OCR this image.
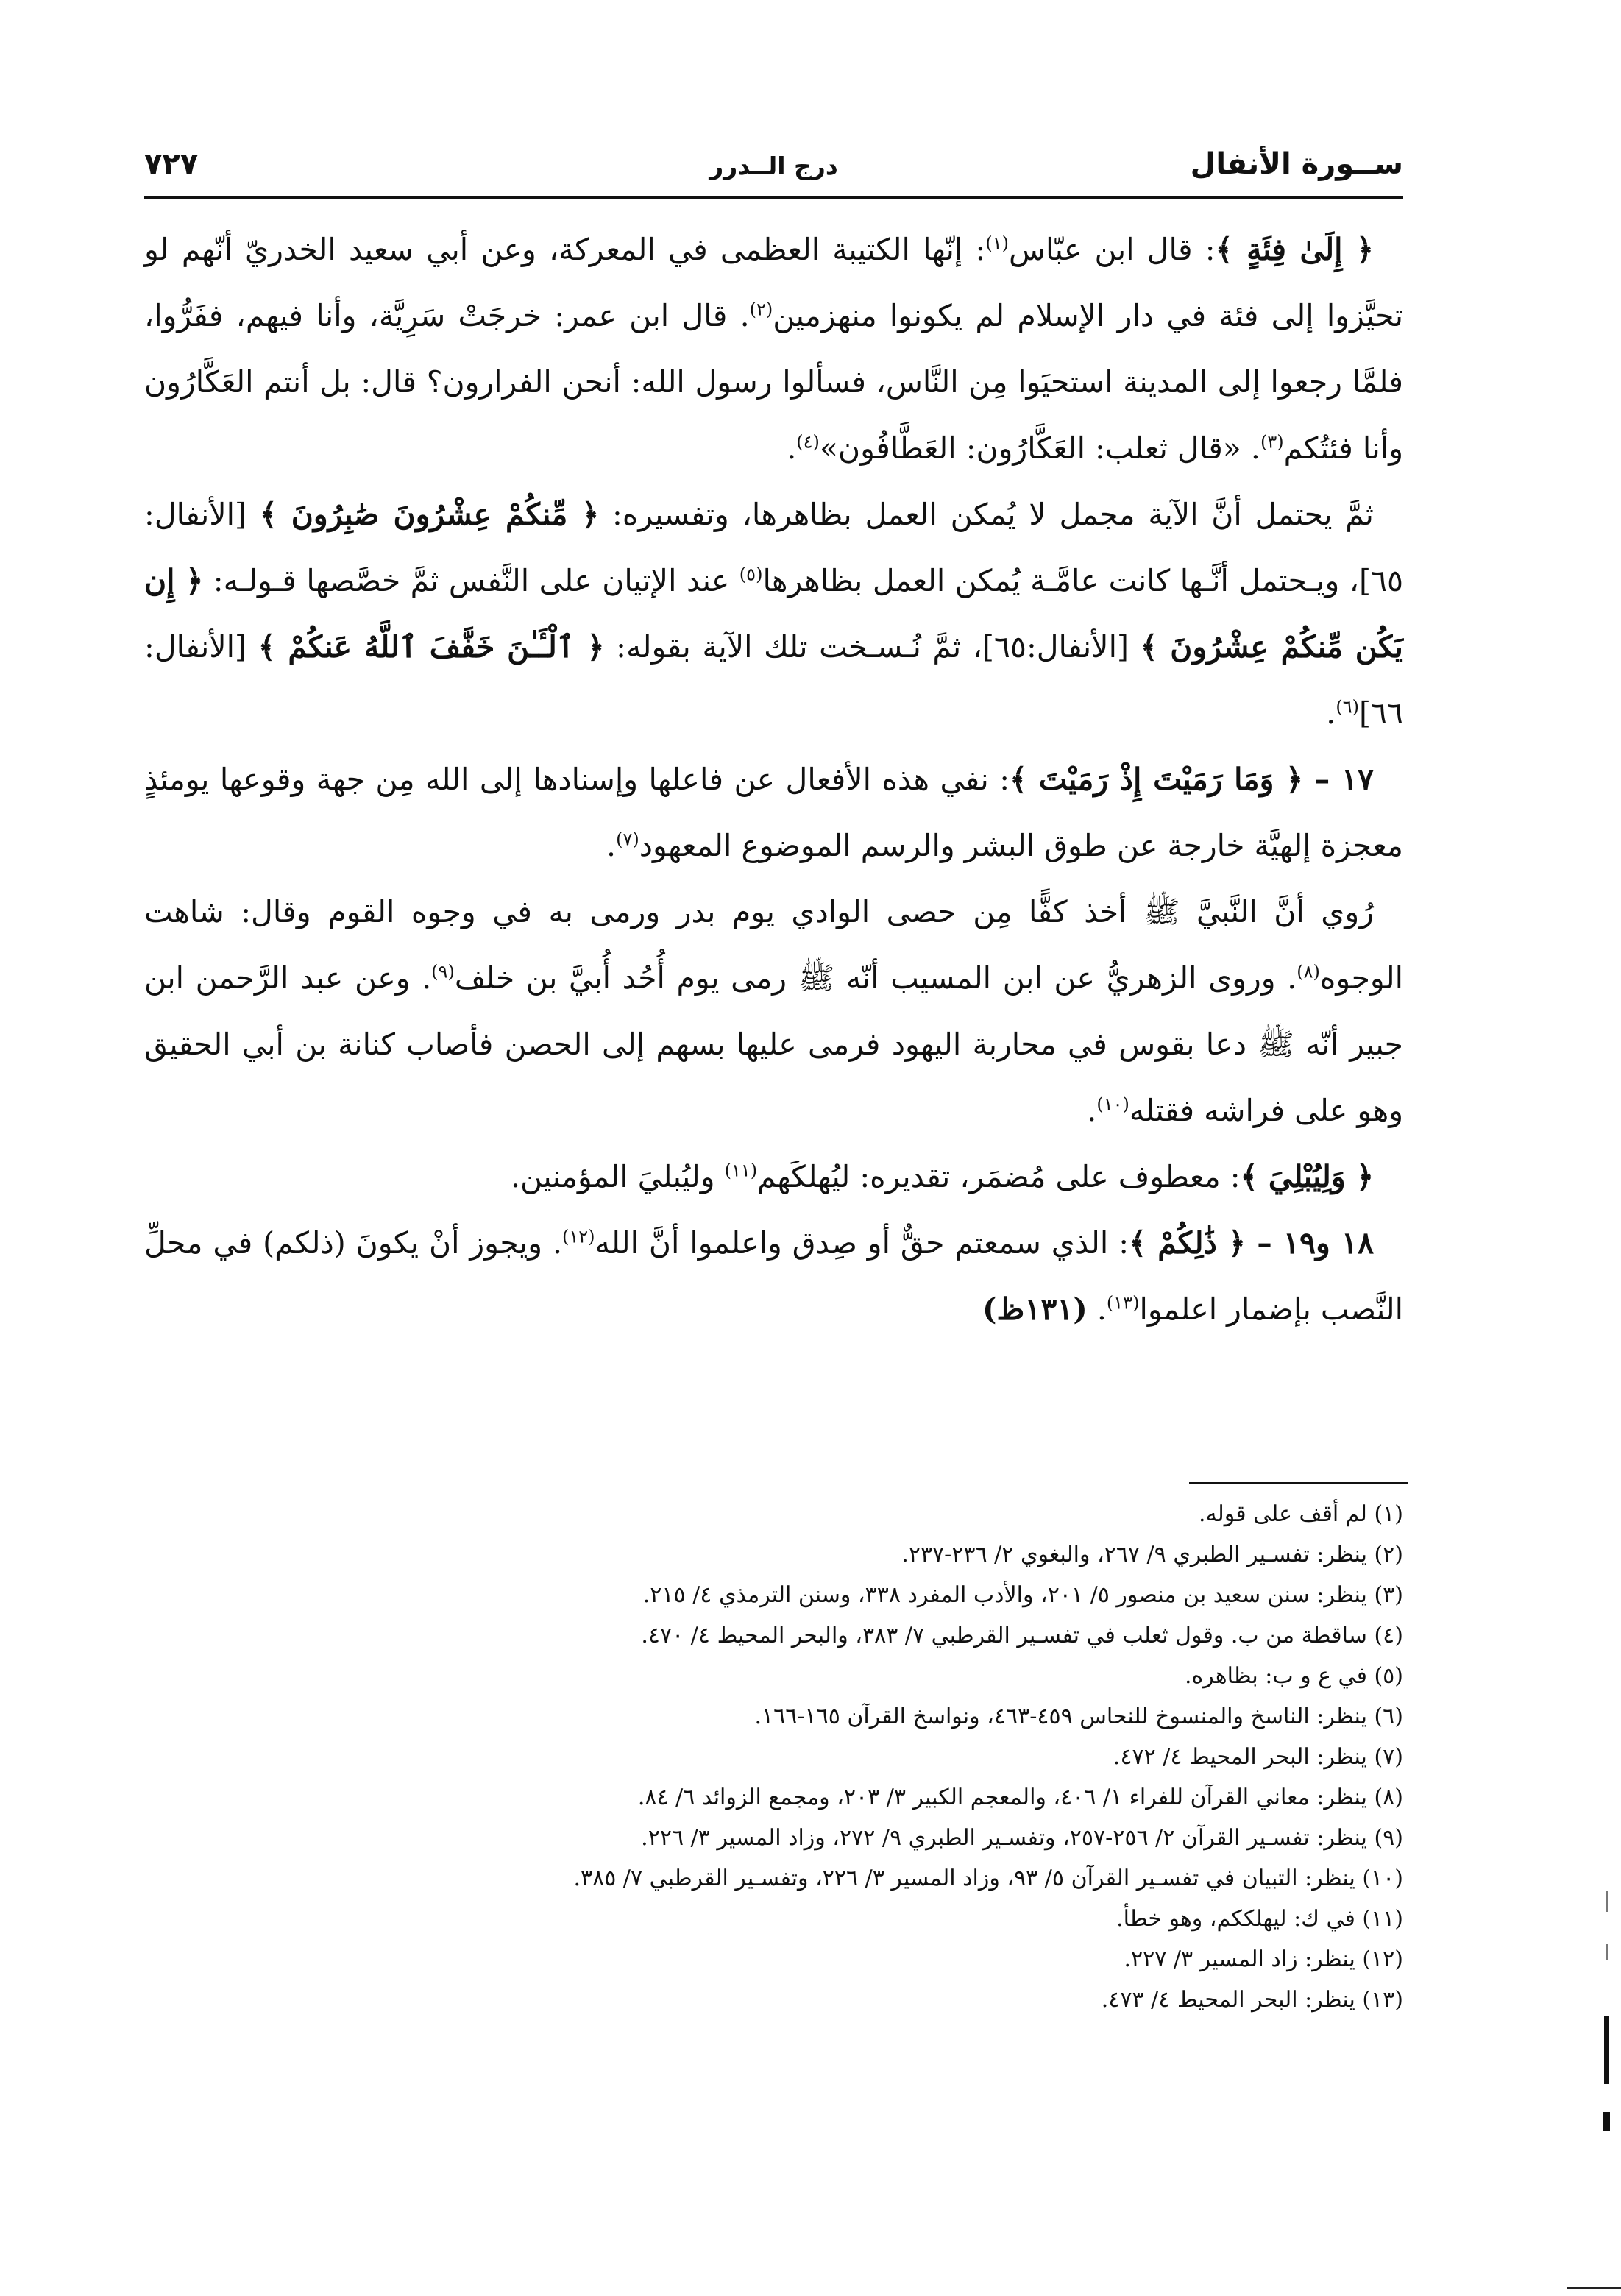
٧٢٧	درج الــدرر	ســورة الأنفال

﴿ إِلَىٰ فِئَةٍ ﴾: قال ابن عبّاس$^{(١)}$: إنّها الكتيبة العظمى في المعركة، وعن أبي سعيد الخدريّ أنّهم لو تحيَّزوا إلى فئة في دار الإسلام لم يكونوا منهزمين$^{(٢)}$. قال ابن عمر: خرجَتْ سَرِيَّة، وأنا فيهم، ففَرُّوا، فلمَّا رجعوا إلى المدينة استحيَوا مِن النَّاس، فسألوا رسول الله: أنحن الفرارون؟ قال: بل أنتم العَكَّارُون وأنا فئتُكم$^{(٣)}$. «قال ثعلب: العَكَّارُون: العَطَّافُون»$^{(٤)}$.

ثمَّ يحتمل أنَّ الآية مجمل لا يُمكن العمل بظاهرها، وتفسيره: ﴿ مِّنكُمْ عِشْرُونَ صَٰبِرُونَ ﴾ [الأنفال: ٦٥]، ويـحتمل أنَّـها كانت عامَّـة يُمكن العمل بظاهرها$^{(٥)}$ عند الإتيان على النَّفس ثمَّ خصَّصها قـولـه: ﴿ إِن يَكُن مِّنكُمْ عِشْرُونَ ﴾ [الأنفال:٦٥]، ثمَّ نُـسـخت تلك الآية بقوله: ﴿ ٱلْـَٔـٰنَ خَفَّفَ ٱللَّهُ عَنكُمْ ﴾ [الأنفال: ٦٦]$^{(٦)}$.

١٧ – ﴿ وَمَا رَمَيْتَ إِذْ رَمَيْتَ ﴾: نفي هذه الأفعال عن فاعلها وإسنادها إلى الله مِن جهة وقوعها يومئذٍ معجزة إلهيَّة خارجة عن طوق البشر والرسم الموضوع المعهود$^{(٧)}$.

رُوي أنَّ النَّبيَّ ﷺ أخذ كفًّا مِن حصى الوادي يوم بدر ورمى به في وجوه القوم وقال: شاهت الوجوه$^{(٨)}$. وروى الزهريُّ عن ابن المسيب أنّه ﷺ رمى يوم أُحُد أُبيَّ بن خلف$^{(٩)}$. وعن عبد الرَّحمن ابن جبير أنّه ﷺ دعا بقوس في محاربة اليهود فرمى عليها بسهم إلى الحصن فأصاب كنانة بن أبي الحقيق وهو على فراشه فقتله$^{(١٠)}$.

﴿ وَلِيُبْلِيَ ﴾: معطوف على مُضمَر، تقديره: ليُهلكَهم$^{(١١)}$ وليُبليَ المؤمنين.

١٨ و١٩ – ﴿ ذَٰلِكُمْ ﴾: الذي سمعتم حقٌّ أو صِدق واعلموا أنَّ الله$^{(١٢)}$. ويجوز أنْ يكونَ (ذلكم) في محلِّ النَّصب بإضمار اعلموا$^{(١٣)}$. (١٣١ظ)

(١) لم أقف على قوله.
(٢) ينظر: تفسـير الطبري ٩/ ٢٦٧، والبغوي ٢/ ٢٣٦-٢٣٧.
(٣) ينظر: سنن سعيد بن منصور ٥/ ٢٠١، والأدب المفرد ٣٣٨، وسنن الترمذي ٤/ ٢١٥.
(٤) ساقطة من ب. وقول ثعلب في تفسـير القرطبي ٧/ ٣٨٣، والبحر المحيط ٤/ ٤٧٠.
(٥) في ع و ب: بظاهره.
(٦) ينظر: الناسخ والمنسوخ للنحاس ٤٥٩-٤٦٣، ونواسخ القرآن ١٦٥-١٦٦.
(٧) ينظر: البحر المحيط ٤/ ٤٧٢.
(٨) ينظر: معاني القرآن للفراء ١/ ٤٠٦، والمعجم الكبير ٣/ ٢٠٣، ومجمع الزوائد ٦/ ٨٤.
(٩) ينظر: تفسـير القرآن ٢/ ٢٥٦-٢٥٧، وتفسـير الطبري ٩/ ٢٧٢، وزاد المسير ٣/ ٢٢٦.
(١٠) ينظر: التبيان في تفسـير القرآن ٥/ ٩٣، وزاد المسير ٣/ ٢٢٦، وتفسـير القرطبي ٧/ ٣٨٥.
(١١) في ك: ليهلككم، وهو خطأ.
(١٢) ينظر: زاد المسير ٣/ ٢٢٧.
(١٣) ينظر: البحر المحيط ٤/ ٤٧٣.
